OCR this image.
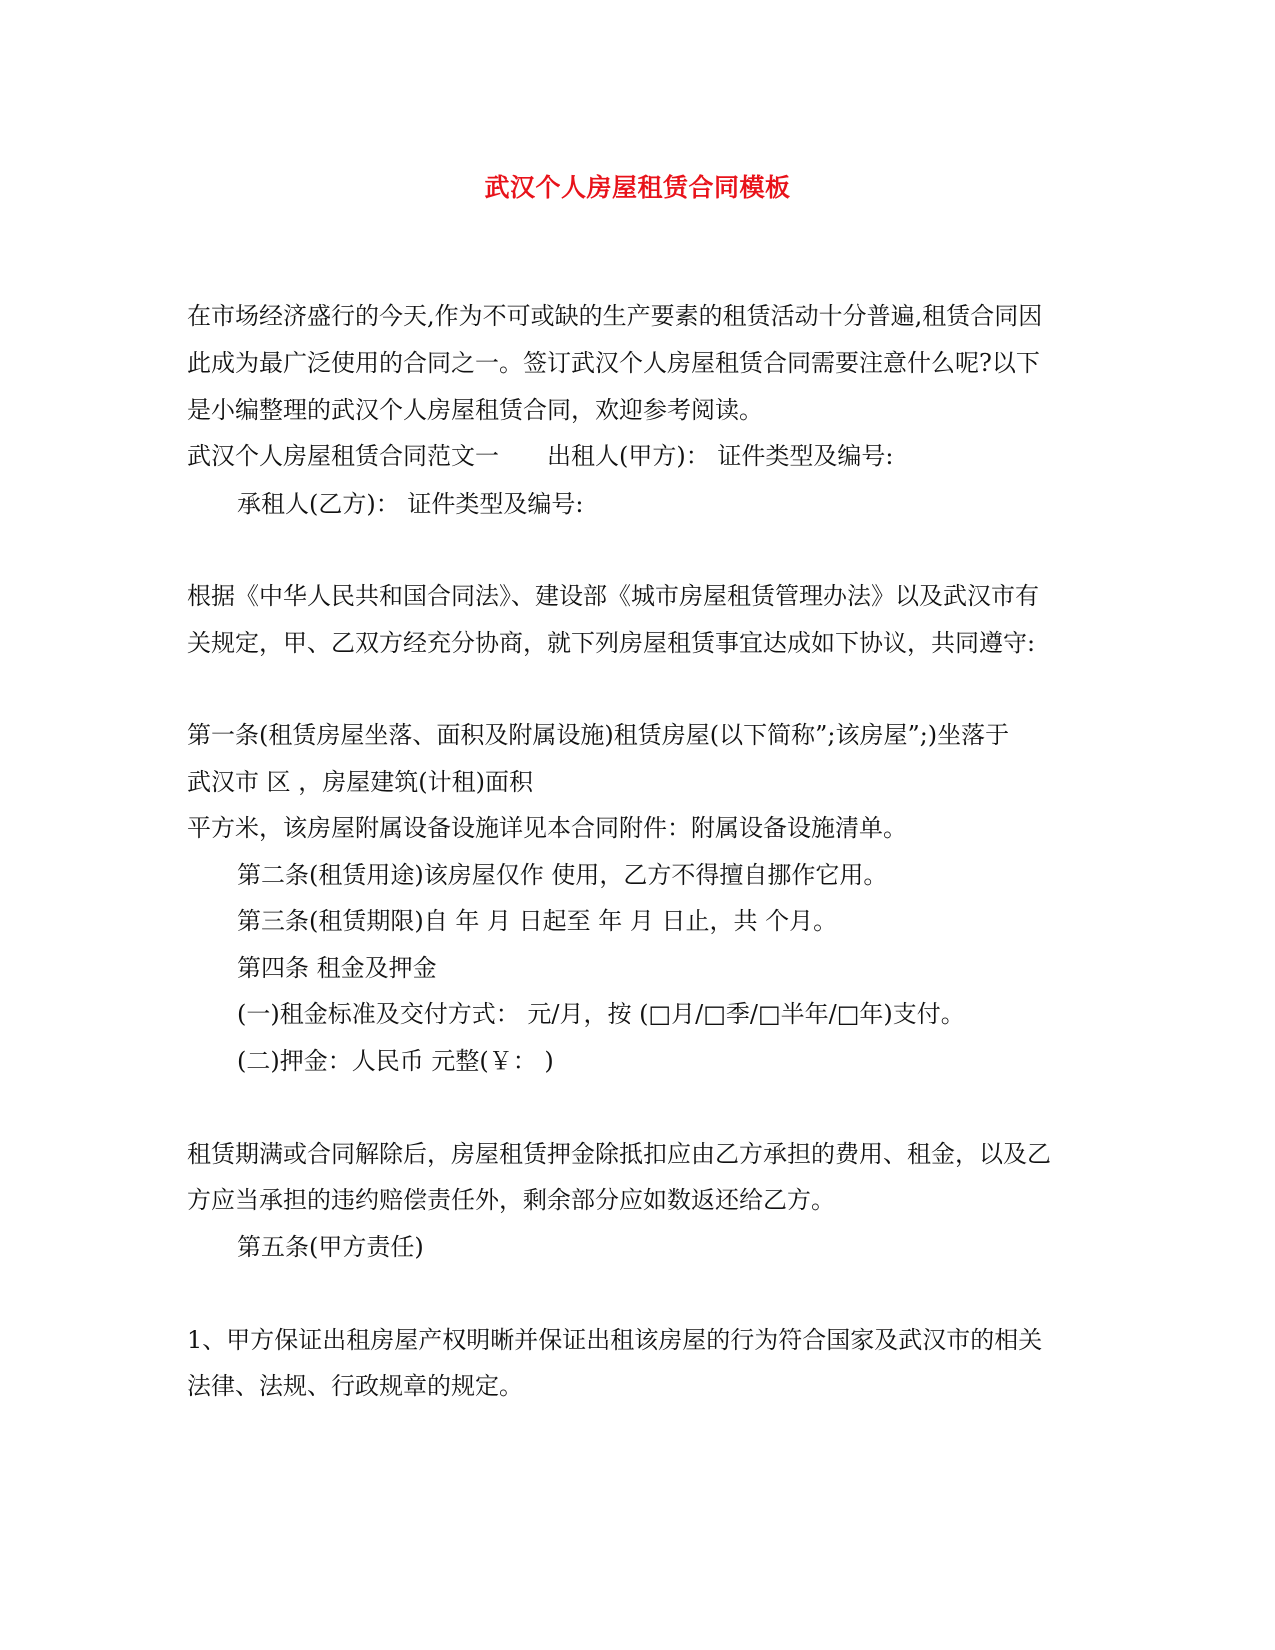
武汉个人房屋租赁合同模板
在市场经济盛行的今天,作为不可或缺的生产要素的租赁活动十分普遍,租赁合同因
此成为最广泛使用的合同之一。签订武汉个人房屋租赁合同需要注意什么呢?以下
是小编整理的武汉个人房屋租赁合同，欢迎参考阅读。
武汉个人房屋租赁合同范文一　　出租人(甲方)： 证件类型及编号:
承租人(乙方)： 证件类型及编号:
根据《中华人民共和国合同法》、建设部《城市房屋租赁管理办法》以及武汉市有
关规定，甲、乙双方经充分协商，就下列房屋租赁事宜达成如下协议，共同遵守:
第一条(租赁房屋坐落、面积及附属设施)租赁房屋(以下简称”;该房屋”;)坐落于
武汉市 区 ，房屋建筑(计租)面积
平方米，该房屋附属设备设施详见本合同附件：附属设备设施清单。
第二条(租赁用途)该房屋仅作 使用，乙方不得擅自挪作它用。
第三条(租赁期限)自 年 月 日起至 年 月 日止，共 个月。
第四条 租金及押金
(一)租金标准及交付方式： 元/月，按 (□月/□季/□半年/□年)支付。
(二)押金：人民币 元整(￥： )
租赁期满或合同解除后，房屋租赁押金除抵扣应由乙方承担的费用、租金，以及乙
方应当承担的违约赔偿责任外，剩余部分应如数返还给乙方。
第五条(甲方责任)
1、甲方保证出租房屋产权明晰并保证出租该房屋的行为符合国家及武汉市的相关
法律、法规、行政规章的规定。
